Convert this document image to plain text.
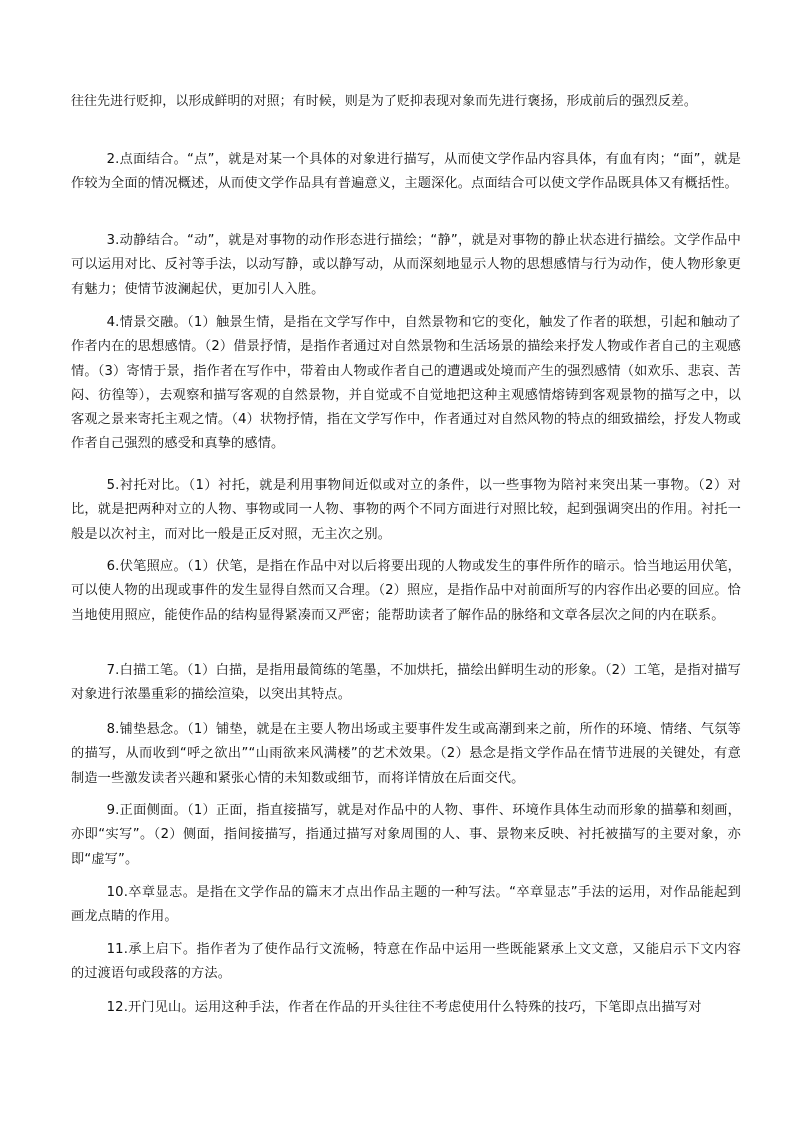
往往先进行贬抑，以形成鲜明的对照；有时候，则是为了贬抑表现对象而先进行褒扬，形成前后的强烈反差。

2.点面结合。“点”，就是对某一个具体的对象进行描写，从而使文学作品内容具体，有血有肉；“面”，就是作较为全面的情况概述，从而使文学作品具有普遍意义，主题深化。点面结合可以使文学作品既具体又有概括性。

3.动静结合。“动”，就是对事物的动作形态进行描绘；“静”，就是对事物的静止状态进行描绘。文学作品中可以运用对比、反衬等手法，以动写静，或以静写动，从而深刻地显示人物的思想感情与行为动作，使人物形象更有魅力；使情节波澜起伏，更加引人入胜。

4.情景交融。（1）触景生情，是指在文学写作中，自然景物和它的变化，触发了作者的联想，引起和触动了作者内在的思想感情。（2）借景抒情，是指作者通过对自然景物和生活场景的描绘来抒发人物或作者自己的主观感情。（3）寄情于景，指作者在写作中，带着由人物或作者自己的遭遇或处境而产生的强烈感情（如欢乐、悲哀、苦闷、彷徨等），去观察和描写客观的自然景物，并自觉或不自觉地把这种主观感情熔铸到客观景物的描写之中，以客观之景来寄托主观之情。（4）状物抒情，指在文学写作中，作者通过对自然风物的特点的细致描绘，抒发人物或作者自己强烈的感受和真挚的感情。

5.衬托对比。（1）衬托，就是利用事物间近似或对立的条件，以一些事物为陪衬来突出某一事物。（2）对比，就是把两种对立的人物、事物或同一人物、事物的两个不同方面进行对照比较，起到强调突出的作用。衬托一般是以次衬主，而对比一般是正反对照，无主次之别。

6.伏笔照应。（1）伏笔，是指在作品中对以后将要出现的人物或发生的事件所作的暗示。恰当地运用伏笔，可以使人物的出现或事件的发生显得自然而又合理。（2）照应，是指作品中对前面所写的内容作出必要的回应。恰当地使用照应，能使作品的结构显得紧凑而又严密；能帮助读者了解作品的脉络和文章各层次之间的内在联系。

7.白描工笔。（1）白描，是指用最简练的笔墨，不加烘托，描绘出鲜明生动的形象。（2）工笔，是指对描写对象进行浓墨重彩的描绘渲染，以突出其特点。

8.铺垫悬念。（1）铺垫，就是在主要人物出场或主要事件发生或高潮到来之前，所作的环境、情绪、气氛等的描写，从而收到“呼之欲出”“山雨欲来风满楼”的艺术效果。（2）悬念是指文学作品在情节进展的关键处，有意制造一些激发读者兴趣和紧张心情的未知数或细节，而将详情放在后面交代。

9.正面侧面。（1）正面，指直接描写，就是对作品中的人物、事件、环境作具体生动而形象的描摹和刻画，亦即“实写”。（2）侧面，指间接描写，指通过描写对象周围的人、事、景物来反映、衬托被描写的主要对象，亦即“虚写”。

10.卒章显志。是指在文学作品的篇末才点出作品主题的一种写法。“卒章显志”手法的运用，对作品能起到画龙点睛的作用。

11.承上启下。指作者为了使作品行文流畅，特意在作品中运用一些既能紧承上文文意，又能启示下文内容的过渡语句或段落的方法。

12.开门见山。运用这种手法，作者在作品的开头往往不考虑使用什么特殊的技巧，下笔即点出描写对
